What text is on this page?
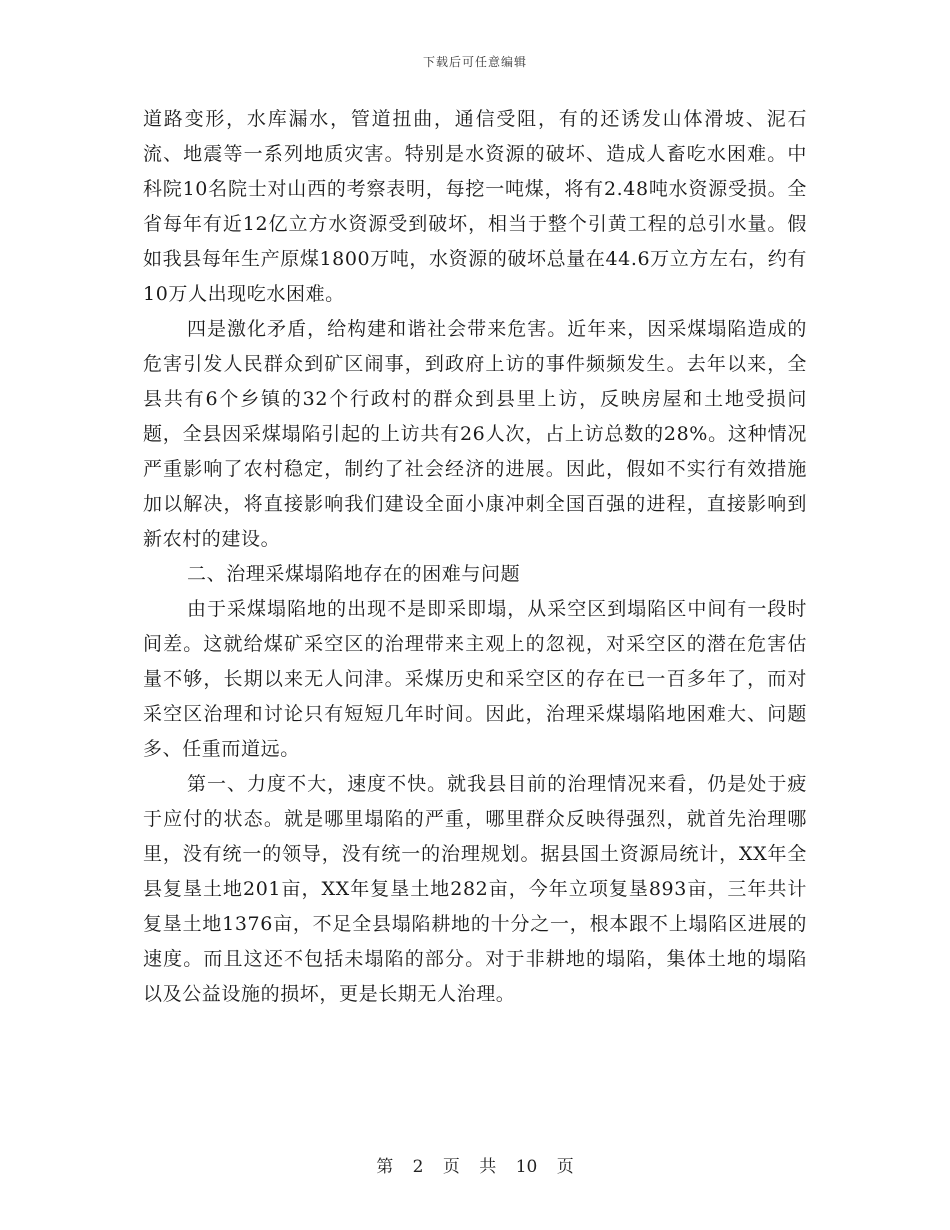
下载后可任意编辑

道路变形，水库漏水，管道扭曲，通信受阻，有的还诱发山体滑坡、泥石流、地震等一系列地质灾害。特别是水资源的破坏、造成人畜吃水困难。中科院10名院士对山西的考察表明，每挖一吨煤，将有2.48吨水资源受损。全省每年有近12亿立方水资源受到破坏，相当于整个引黄工程的总引水量。假如我县每年生产原煤1800万吨，水资源的破坏总量在44.6万立方左右，约有10万人出现吃水困难。

四是激化矛盾，给构建和谐社会带来危害。近年来，因采煤塌陷造成的危害引发人民群众到矿区闹事，到政府上访的事件频频发生。去年以来，全县共有6个乡镇的32个行政村的群众到县里上访，反映房屋和土地受损问题，全县因采煤塌陷引起的上访共有26人次，占上访总数的28%。这种情况严重影响了农村稳定，制约了社会经济的进展。因此，假如不实行有效措施加以解决，将直接影响我们建设全面小康冲刺全国百强的进程，直接影响到新农村的建设。

二、治理采煤塌陷地存在的困难与问题

由于采煤塌陷地的出现不是即采即塌，从采空区到塌陷区中间有一段时间差。这就给煤矿采空区的治理带来主观上的忽视，对采空区的潜在危害估量不够，长期以来无人问津。采煤历史和采空区的存在已一百多年了，而对采空区治理和讨论只有短短几年时间。因此，治理采煤塌陷地困难大、问题多、任重而道远。

第一、力度不大，速度不快。就我县目前的治理情况来看，仍是处于疲于应付的状态。就是哪里塌陷的严重，哪里群众反映得强烈，就首先治理哪里，没有统一的领导，没有统一的治理规划。据县国土资源局统计，XX年全县复垦土地201亩，XX年复垦土地282亩，今年立项复垦893亩，三年共计复垦土地1376亩，不足全县塌陷耕地的十分之一，根本跟不上塌陷区进展的速度。而且这还不包括未塌陷的部分。对于非耕地的塌陷，集体土地的塌陷以及公益设施的损坏，更是长期无人治理。

第 2 页 共 10 页
